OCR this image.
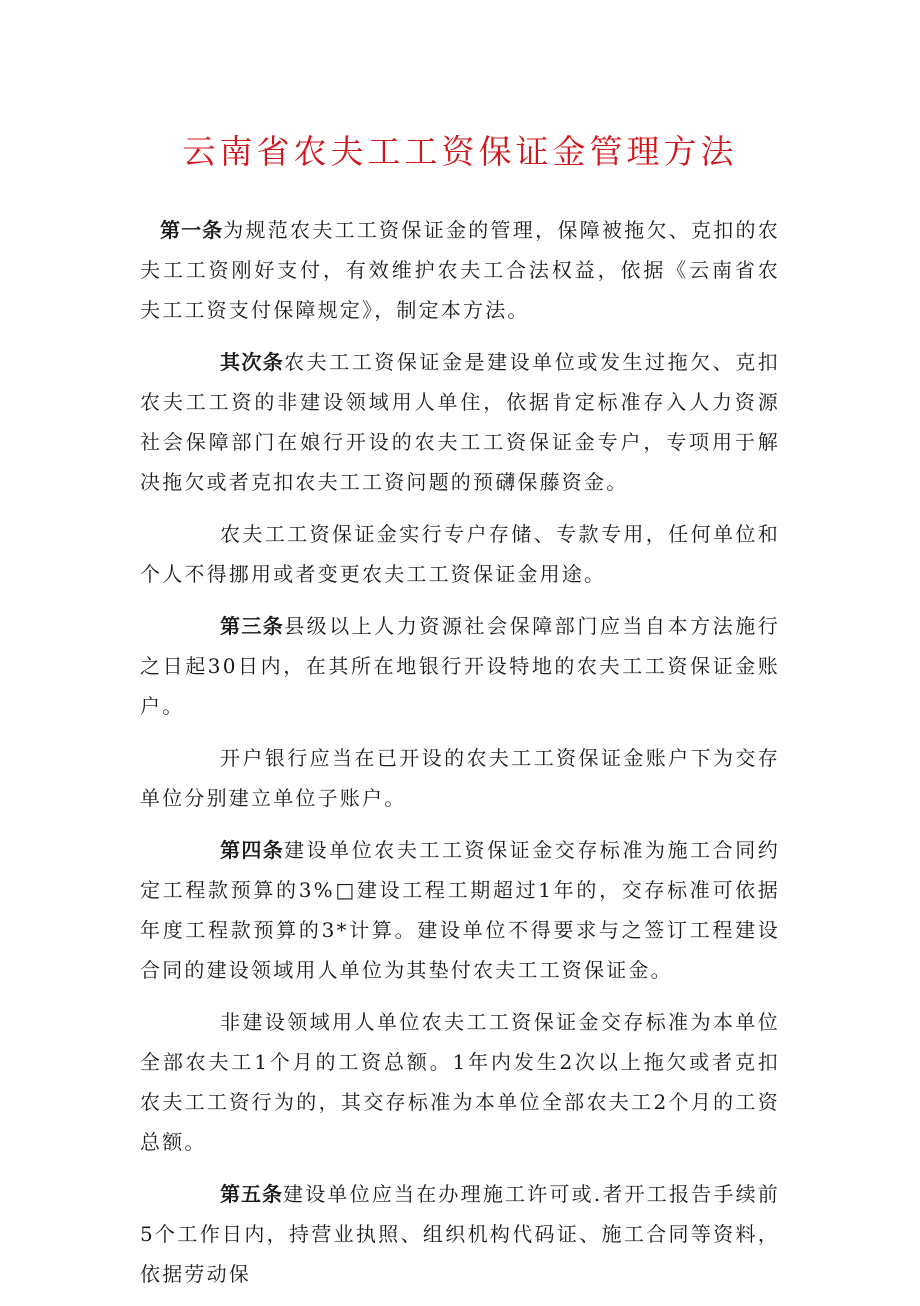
云南省农夫工工资保证金管理方法

第一条为规范农夫工工资保证金的管理，保障被拖欠、克扣的农夫工工资刚好支付，有效维护农夫工合法权益，依据《云南省农夫工工资支付保障规定》，制定本方法。

其次条农夫工工资保证金是建设单位或发生过拖欠、克扣农夫工工资的非建设领域用人单住，依据肯定标准存入人力资源社会保障部门在娘行开设的农夫工工资保证金专户，专项用于解决拖欠或者克扣农夫工工资问题的预礴保藤资金。

农夫工工资保证金实行专户存储、专款专用，任何单位和个人不得挪用或者变更农夫工工资保证金用途。

第三条县级以上人力资源社会保障部门应当自本方法施行之日起30日内，在其所在地银行开设特地的农夫工工资保证金账户。

开户银行应当在已开设的农夫工工资保证金账户下为交存单位分别建立单位子账户。

第四条建设单位农夫工工资保证金交存标准为施工合同约定工程款预算的3%□建设工程工期超过1年的，交存标准可依据年度工程款预算的3*计算。建设单位不得要求与之签订工程建设合同的建设领域用人单位为其垫付农夫工工资保证金。

非建设领域用人单位农夫工工资保证金交存标准为本单位全部农夫工1个月的工资总额。1年内发生2次以上拖欠或者克扣农夫工工资行为的，其交存标准为本单位全部农夫工2个月的工资总额。

第五条建设单位应当在办理施工许可或.者开工报告手续前5个工作日内，持营业执照、组织机构代码证、施工合同等资料，依据劳动保
